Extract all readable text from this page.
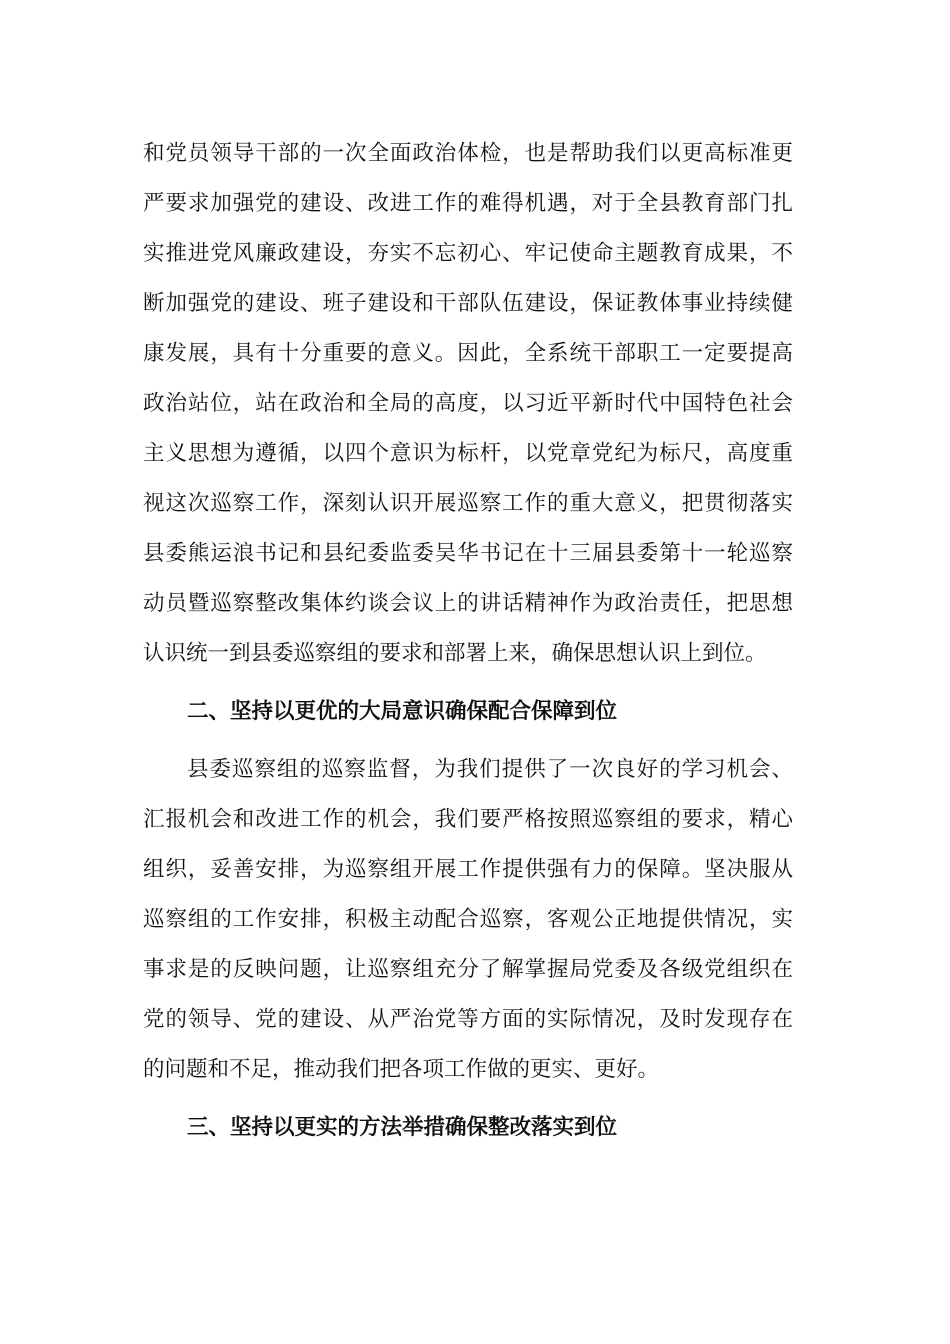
和党员领导干部的一次全面政治体检，也是帮助我们以更高标准更
严要求加强党的建设、改进工作的难得机遇，对于全县教育部门扎
实推进党风廉政建设，夯实不忘初心、牢记使命主题教育成果，不
断加强党的建设、班子建设和干部队伍建设，保证教体事业持续健
康发展，具有十分重要的意义。因此，全系统干部职工一定要提高
政治站位，站在政治和全局的高度，以习近平新时代中国特色社会
主义思想为遵循，以四个意识为标杆，以党章党纪为标尺，高度重
视这次巡察工作，深刻认识开展巡察工作的重大意义，把贯彻落实
县委熊运浪书记和县纪委监委吴华书记在十三届县委第十一轮巡察
动员暨巡察整改集体约谈会议上的讲话精神作为政治责任，把思想
认识统一到县委巡察组的要求和部署上来，确保思想认识上到位。
二、坚持以更优的大局意识确保配合保障到位
县委巡察组的巡察监督，为我们提供了一次良好的学习机会、
汇报机会和改进工作的机会，我们要严格按照巡察组的要求，精心
组织，妥善安排，为巡察组开展工作提供强有力的保障。坚决服从
巡察组的工作安排，积极主动配合巡察，客观公正地提供情况，实
事求是的反映问题，让巡察组充分了解掌握局党委及各级党组织在
党的领导、党的建设、从严治党等方面的实际情况，及时发现存在
的问题和不足，推动我们把各项工作做的更实、更好。
三、坚持以更实的方法举措确保整改落实到位
